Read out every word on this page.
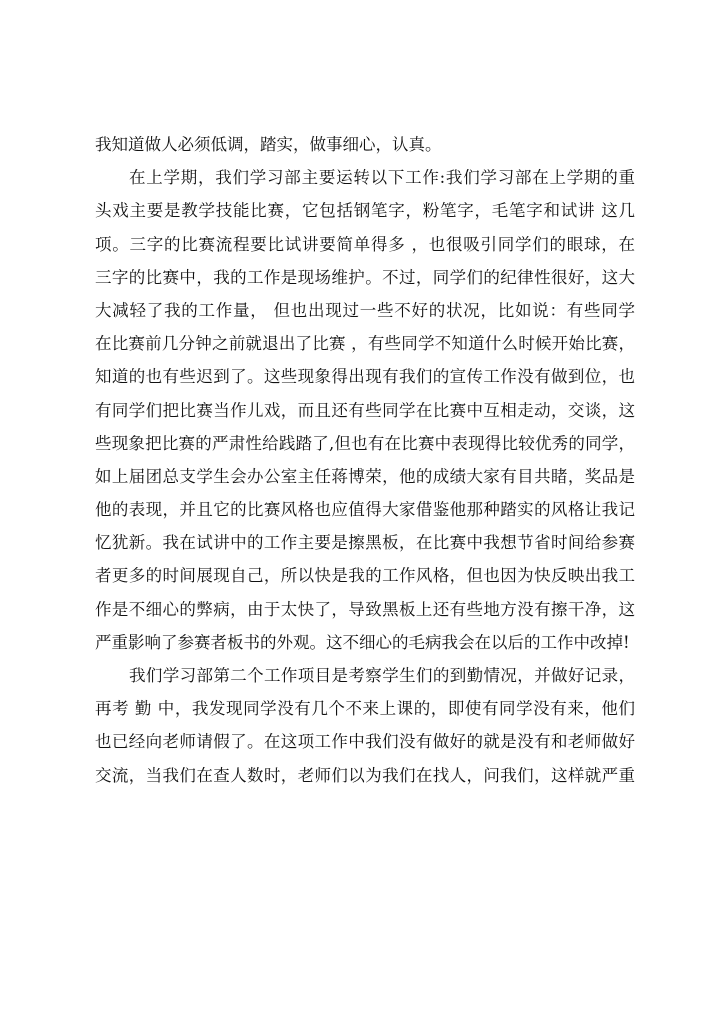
我知道做人必须低调，踏实，做事细心，认真。
在上学期，我们学习部主要运转以下工作:我们学习部在上学期的重
头戏主要是教学技能比赛，它包括钢笔字，粉笔字，毛笔字和试讲 这几
项。三字的比赛流程要比试讲要简单得多 ，也很吸引同学们的眼球，在
三字的比赛中，我的工作是现场维护。不过，同学们的纪律性很好，这大
大减轻了我的工作量， 但也出现过一些不好的状况，比如说：有些同学
在比赛前几分钟之前就退出了比赛 ，有些同学不知道什么时候开始比赛，
知道的也有些迟到了。这些现象得出现有我们的宣传工作没有做到位，也
有同学们把比赛当作儿戏，而且还有些同学在比赛中互相走动，交谈，这
些现象把比赛的严肃性给践踏了,但也有在比赛中表现得比较优秀的同学，
如上届团总支学生会办公室主任蒋博荣，他的成绩大家有目共睹，奖品是
他的表现，并且它的比赛风格也应值得大家借鉴他那种踏实的风格让我记
忆犹新。我在试讲中的工作主要是擦黑板，在比赛中我想节省时间给参赛
者更多的时间展现自己，所以快是我的工作风格，但也因为快反映出我工
作是不细心的弊病，由于太快了，导致黑板上还有些地方没有擦干净，这
严重影响了参赛者板书的外观。这不细心的毛病我会在以后的工作中改掉!
我们学习部第二个工作项目是考察学生们的到勤情况，并做好记录，
再考 勤 中，我发现同学没有几个不来上课的，即使有同学没有来，他们
也已经向老师请假了。在这项工作中我们没有做好的就是没有和老师做好
交流，当我们在查人数时，老师们以为我们在找人，问我们，这样就严重
